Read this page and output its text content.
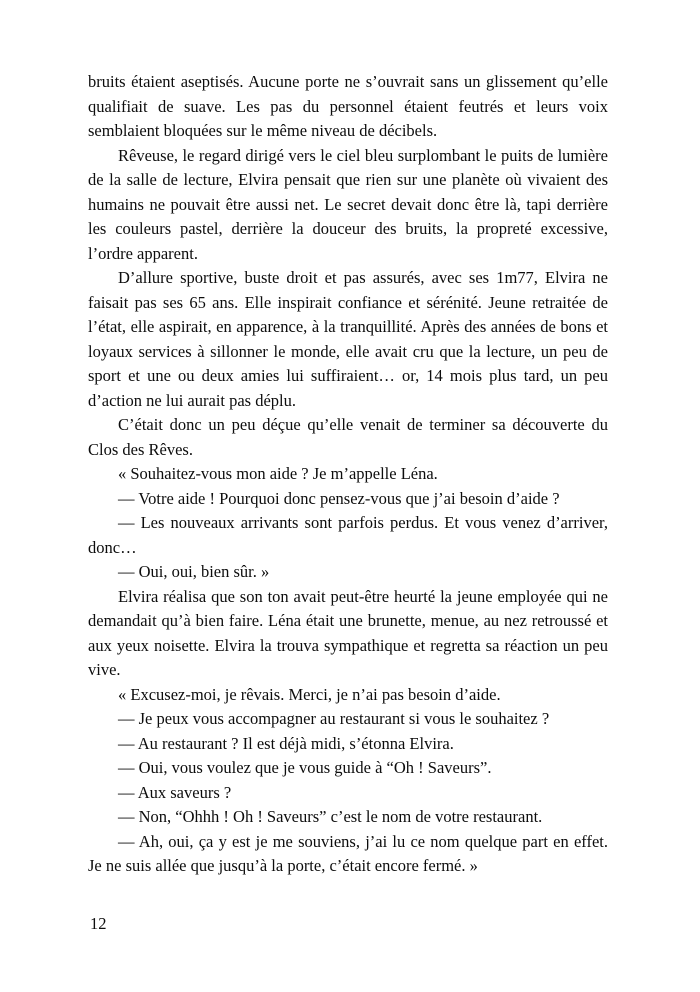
bruits étaient aseptisés. Aucune porte ne s’ouvrait sans un glissement qu’elle qualifiait de suave. Les pas du personnel étaient feutrés et leurs voix semblaient bloquées sur le même niveau de décibels.

Rêveuse, le regard dirigé vers le ciel bleu surplombant le puits de lumière de la salle de lecture, Elvira pensait que rien sur une planète où vivaient des humains ne pouvait être aussi net. Le secret devait donc être là, tapi derrière les couleurs pastel, derrière la douceur des bruits, la propreté excessive, l’ordre apparent.

D’allure sportive, buste droit et pas assurés, avec ses 1m77, Elvira ne faisait pas ses 65 ans. Elle inspirait confiance et sérénité. Jeune retraitée de l’état, elle aspirait, en apparence, à la tranquillité. Après des années de bons et loyaux services à sillonner le monde, elle avait cru que la lecture, un peu de sport et une ou deux amies lui suffiraient… or, 14 mois plus tard, un peu d’action ne lui aurait pas déplu.

C’était donc un peu déçue qu’elle venait de terminer sa découverte du Clos des Rêves.

« Souhaitez-vous mon aide ? Je m’appelle Léna.

— Votre aide ! Pourquoi donc pensez-vous que j’ai besoin d’aide ?

— Les nouveaux arrivants sont parfois perdus. Et vous venez d’arriver, donc…

— Oui, oui, bien sûr. »

Elvira réalisa que son ton avait peut-être heurté la jeune employée qui ne demandait qu’à bien faire. Léna était une brunette, menue, au nez retroussé et aux yeux noisette. Elvira la trouva sympathique et regretta sa réaction un peu vive.

« Excusez-moi, je rêvais. Merci, je n’ai pas besoin d’aide.

— Je peux vous accompagner au restaurant si vous le souhaitez ?

— Au restaurant ? Il est déjà midi, s’étonna Elvira.

— Oui, vous voulez que je vous guide à “Oh ! Saveurs”.

— Aux saveurs ?

— Non, “Ohhh ! Oh ! Saveurs” c’est le nom de votre restaurant.

— Ah, oui, ça y est je me souviens, j’ai lu ce nom quelque part en effet. Je ne suis allée que jusqu’à la porte, c’était encore fermé. »

12
